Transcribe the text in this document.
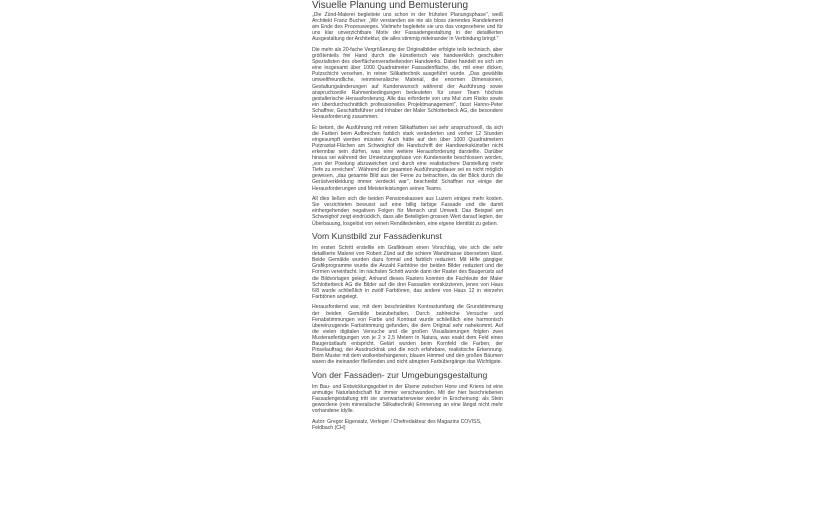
Visuelle Planung und Bemusterung

„Die Zünd-Malerei begleitete uns schon in der frühsten Planungsphase", weiß Architekt Franz Bucher. „Wir verstanden sie nie als bloss zierendes Randelement am Ende des Prozessweges. Vielmehr begleitete sie uns das vorgesehene und für uns klar unverzichtbare Motiv der Fassadengestaltung in der detaillierten Ausgestaltung der Architektur, die alles stimmig miteinander in Verbindung bringt."

Die mehr als 20-fache Vergrößerung der Originalbilder erfolgte teils technisch, aber größtenteils frei Hand durch die künstlerisch wie handwerklich geschulten Spezialisten des oberflächenverarbeitenden Handwerks. Dabei handelt es sich um eine insgesamt über 1000 Quadratmeter Fassadenfläche, die, mit einer dicken, Putzschicht versehen, in reiner Silikattechnik ausgeführt wurde. „Das gewählte umweltfreundliche, reinmineralische Material, die enormen Dimensionen, Gestaltungsänderungen auf Kundenwunsch während der Ausführung sowie anspruchsvolle Rahmenbedingungen bedeuteten für unser Team höchste gestalterische Herausforderung. Alle das erforderte von uns Mut zum Risiko sowie ein überdurchschnittlich professionelles Projektmanagement", fasst Hanno-Peter Schaffner, Geschäftsführer und Inhaber der Maler Schlotterbeck AG, die besondere Herausforderung zusammen.

Er betont, die Ausführung mit reinen Silikatfarben sei sehr anspruchsvoll, da sich die Farben beim Aufbrechen farblich stark veränderten und vorher 12 Stunden eingesumpft werden müssten. Auch hätte auf den über 1000 Quadratmetern Putzrastat-Flächen am Schwoighof die Handschrift der Handwerkskünstler nicht erkennbar sein dürfen, was eine weitere Herausforderung darstellte. Darüber hinaus sei während der Umsetzungsphase von Kundenseite beschlossen worden, „von der Pixelung abzuweichen und durch eine realistischere Darstellung mehr Tiefe zu erreichen". Während der gesamten Ausführungsdauer sei es nicht möglich gewesen, „das gesamte Bild aus der Ferne zu betrachten, da der Blick durch die Gerüstverkleidung immer verdeckt war", beschreibt Schaffner nur einige der Herausforderungen und Meisterleistungen seines Teams.

All dies ließen sich die beiden Pensionskassen aus Luzern einiges mehr kosten. Sie verzichteten bewusst auf eine billig farbige Fassade und die damit einhergehenden negativen Folgen für Mensch und Umwelt. Das Beispiel am Schwoighof zeigt eindrücklich, dass alle Beteiligten grossen Wert darauf legten, der Überbauung, losgelöst von reinen Renditedenken, eine eigene Identität zu geben.

Vom Kunstbild zur Fassadenkunst

Im ersten Schritt erstellte ein Grafikteam einen Vorschlag, wie sich die sehr detaillierte Malerei von Robert Zünd auf die schiere Wandmasse übersetzen lässt. Beide Gemälde wurden dazu formal und farblich reduziert. Mit Hilfe gängiger Grafikprogramme wurde die Anzahl Farbtöne der beiden Bilder reduziert und die Formen vereinfacht. Im nächsten Schritt wurde dann der Raster des Baugerüsts auf die Bildvorlagen gelegt. Anhand dieses Rasters konnten die Fachleute der Maler Schlotterbeck AG die Bilder auf die drei Fassaden vorskizzieren, jenes von Haus 6/8 wurde schließlich in zwölf Farbtönen, das andere von Haus 12 in vierzehn Farbtönen angelegt.

Herausfordernd war, mit dem beschränkten Kontrastumfang die Grundstimmung der beiden Gemälde beizubehalten. Durch zahlreiche Versuche und Fenabstimmungen von Farbe und Kontrast wurde schließlich eine harmonisch übereinzugende Farbstimmung gefunden, die dem Original sehr nahekommt. Auf die vielen digitalen Versuche und die großen Visualisierungen folgten zwei Musteranfertigungen von je 2 x 2,5 Metern in Natura, was exakt dem Feld eines Baugerüstlaufs entspricht. Gelärt wurden beim Kornfeld die Farben, der Pinselauftrag, der Ausdrucktrak und die noch erfahrbare, realistische Erkennung. Beim Muster mit dem wolkenbehangenen, blauen Himmel und den großen Bäumen waren die ineinander fließenden und nicht abrupten Farbübergänge das Wichtigste.

Von der Fassaden- zur Umgebungsgestaltung

Im Bau- und Entwicklungsgebiet in der Ebene zwischen Horw und Kriens ist eine anmutige Naturlandschaft für immer verschwunden. Mit der hier beschriebenen Fassadengestaltung tritt sie unerwartarterweise wieder in Erscheinung: als Stein gewordene (rein mineralische Silikattechnik) Erinnerung an eine längst nicht mehr vorhandene Idylle.

Autor: Gregor Eigensatz, Verleger / Chefredakteur des Magazins COVISS, Feldbach (CH)
